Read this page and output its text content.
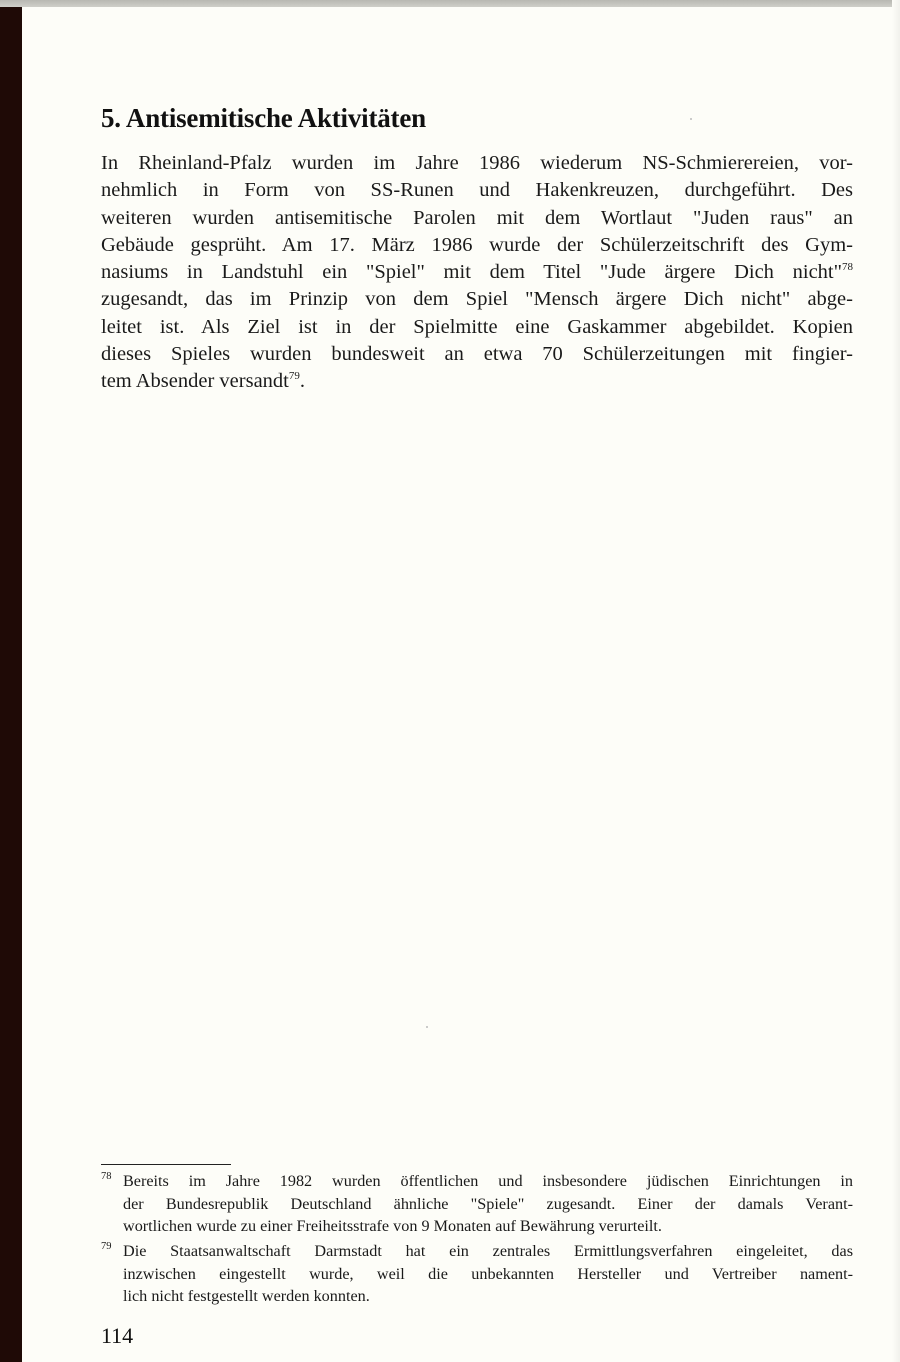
5. Antisemitische Aktivitäten
In Rheinland-Pfalz wurden im Jahre 1986 wiederum NS-Schmierereien, vor-
nehmlich in Form von SS-Runen und Hakenkreuzen, durchgeführt. Des
weiteren wurden antisemitische Parolen mit dem Wortlaut "Juden raus" an
Gebäude gesprüht. Am 17. März 1986 wurde der Schülerzeitschrift des Gym-
nasiums in Landstuhl ein "Spiel" mit dem Titel "Jude ärgere Dich nicht"$^{78}$
zugesandt, das im Prinzip von dem Spiel "Mensch ärgere Dich nicht" abge-
leitet ist. Als Ziel ist in der Spielmitte eine Gaskammer abgebildet. Kopien
dieses Spieles wurden bundesweit an etwa 70 Schülerzeitungen mit fingier-
tem Absender versandt$^{79}$.
78 Bereits im Jahre 1982 wurden öffentlichen und insbesondere jüdischen Einrichtungen in
der Bundesrepublik Deutschland ähnliche "Spiele" zugesandt. Einer der damals Verant-
wortlichen wurde zu einer Freiheitsstrafe von 9 Monaten auf Bewährung verurteilt.
79 Die Staatsanwaltschaft Darmstadt hat ein zentrales Ermittlungsverfahren eingeleitet, das
inzwischen eingestellt wurde, weil die unbekannten Hersteller und Vertreiber nament-
lich nicht festgestellt werden konnten.
114
